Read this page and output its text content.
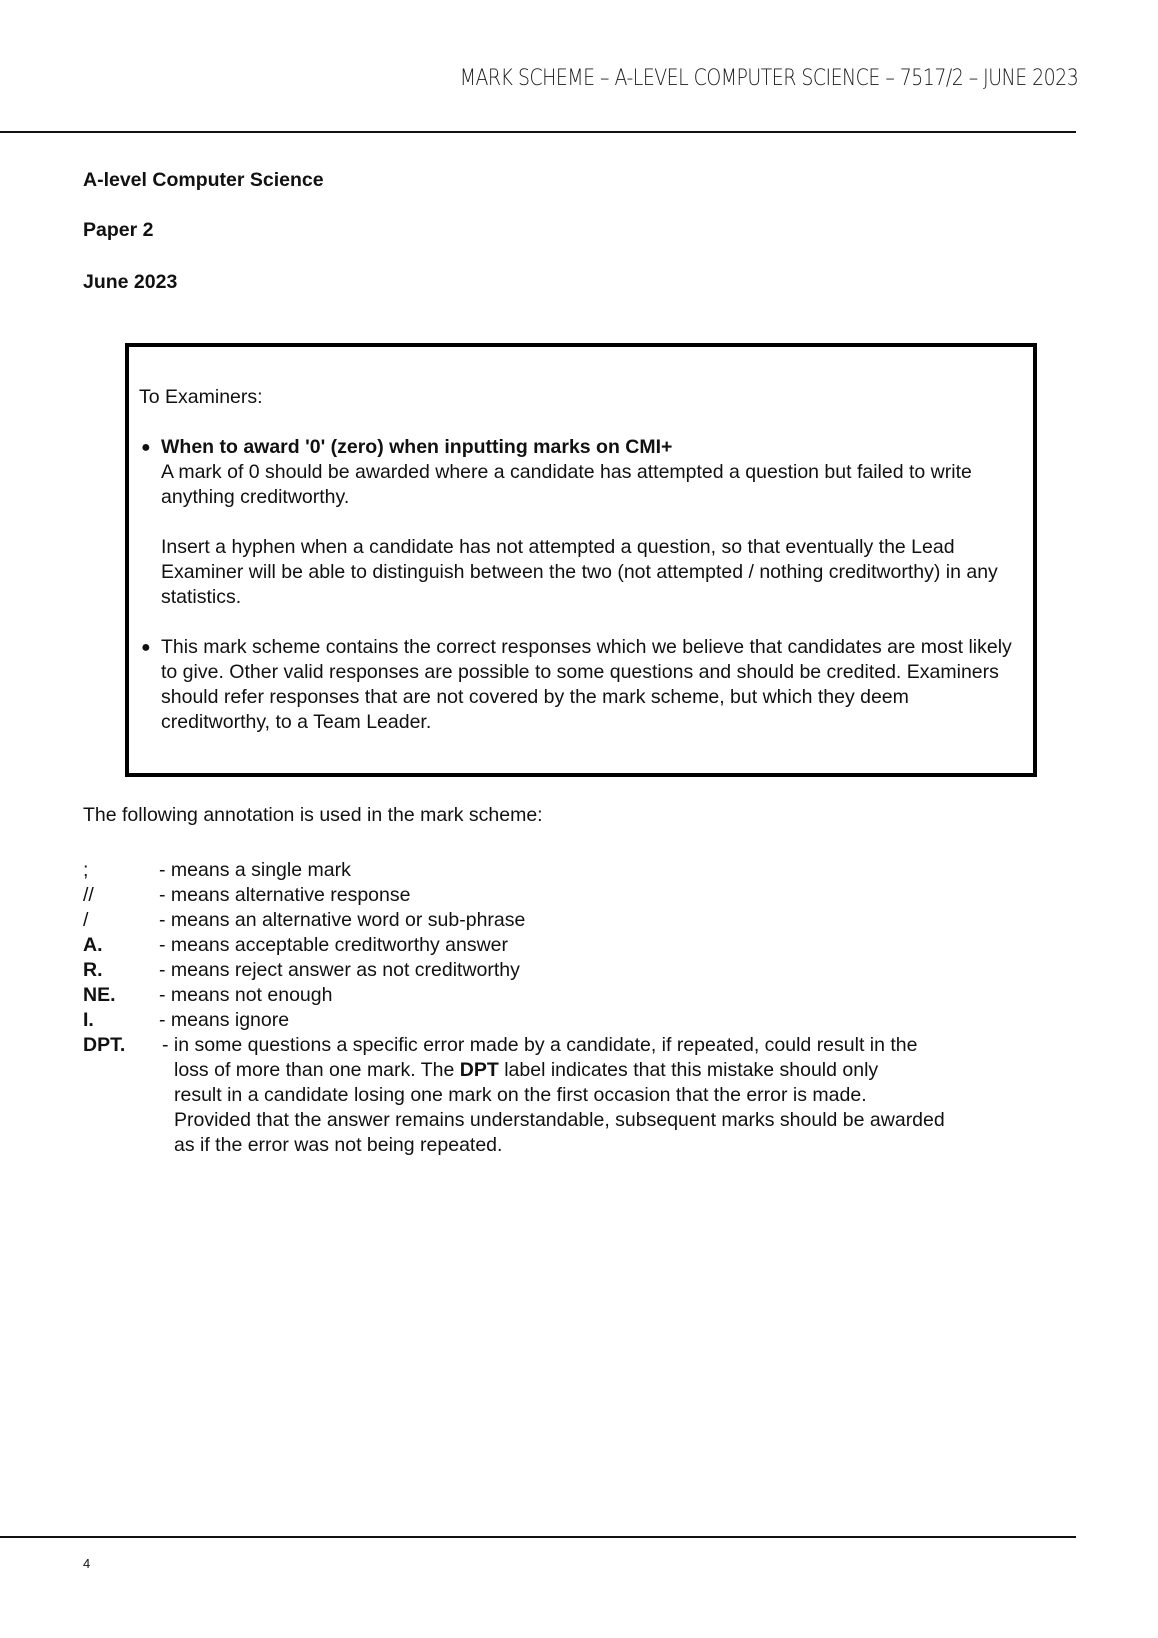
MARK SCHEME – A-LEVEL COMPUTER SCIENCE – 7517/2 – JUNE 2023
A-level Computer Science
Paper 2
June 2023

To Examiners:

● When to award '0' (zero) when inputting marks on CMI+

A mark of 0 should be awarded where a candidate has attempted a question but failed to write anything creditworthy.

Insert a hyphen when a candidate has not attempted a question, so that eventually the Lead Examiner will be able to distinguish between the two (not attempted / nothing creditworthy) in any statistics.

● This mark scheme contains the correct responses which we believe that candidates are most likely to give. Other valid responses are possible to some questions and should be credited. Examiners should refer responses that are not covered by the mark scheme, but which they deem creditworthy, to a Team Leader.

The following annotation is used in the mark scheme:

;	- means a single mark
//	- means alternative response
/	- means an alternative word or sub-phrase
A.	- means acceptable creditworthy answer
R.	- means reject answer as not creditworthy
NE. - means not enough
I.	- means ignore
DPT. - in some questions a specific error made by a candidate, if repeated, could result in the
loss of more than one mark. The DPT label indicates that this mistake should only
result in a candidate losing one mark on the first occasion that the error is made.
Provided that the answer remains understandable, subsequent marks should be awarded
as if the error was not being repeated.
4
